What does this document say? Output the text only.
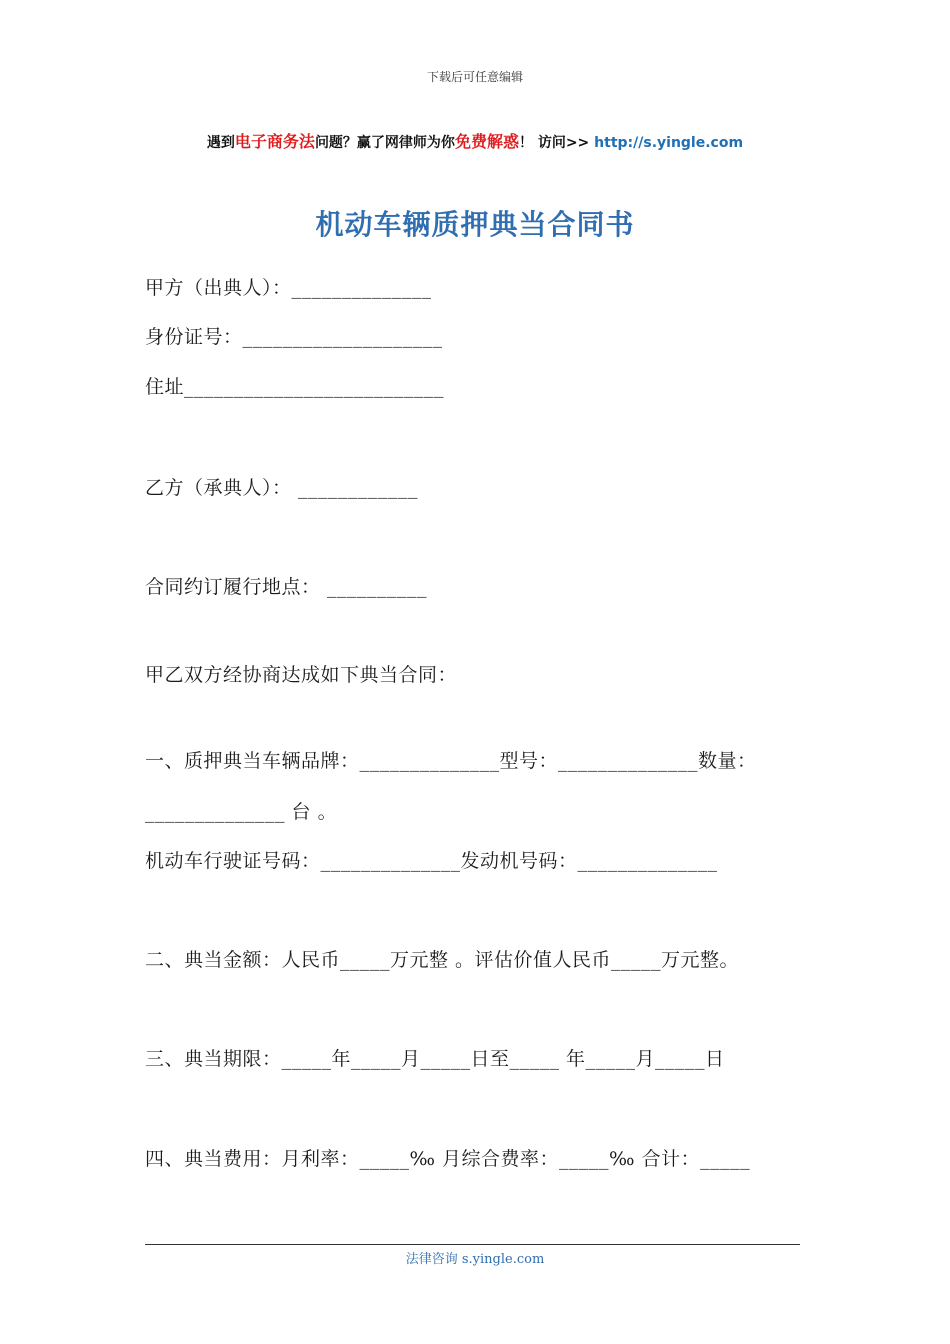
下载后可任意编辑
遇到电子商务法问题？赢了网律师为你免费解惑！ 访问>> http://s.yingle.com
机动车辆质押典当合同书
甲方（出典人）：______________
身份证号：____________________
住址__________________________
乙方（承典人）： ____________
合同约订履行地点： __________
甲乙双方经协商达成如下典当合同：
一、质押典当车辆品牌：______________型号：______________数量：
______________ 台 。
机动车行驶证号码：______________发动机号码：______________
二、典当金额：人民币_____万元整 。评估价值人民币_____万元整。
三、典当期限：_____年_____月_____日至_____ 年_____月_____日
四、典当费用：月利率：_____‰ 月综合费率：_____‰ 合计：_____
法律咨询 s.yingle.com
